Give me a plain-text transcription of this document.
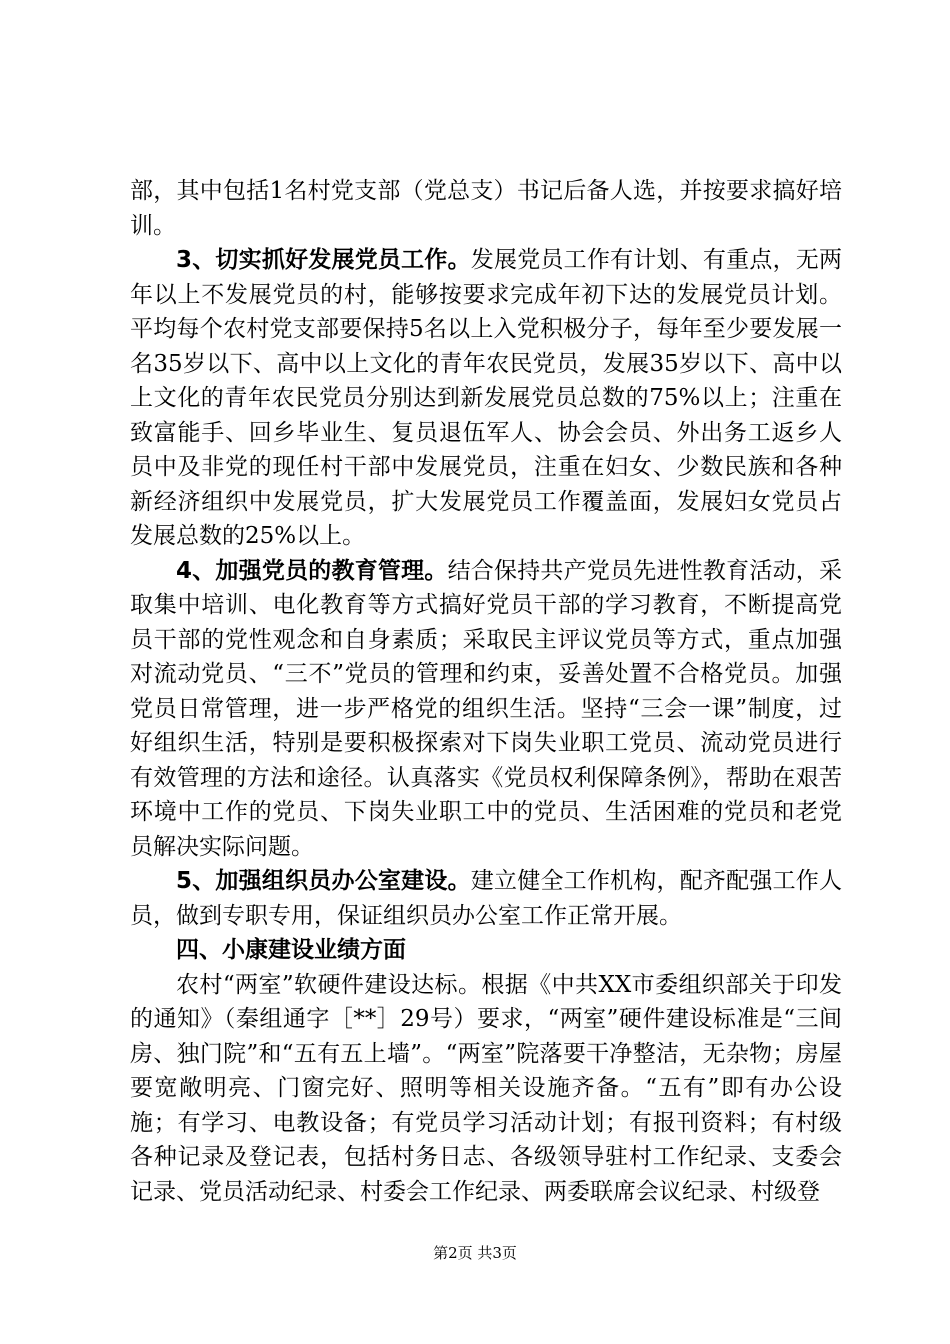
部，其中包括1名村党支部（党总支）书记后备人选，并按要求搞好培训。

3、切实抓好发展党员工作。发展党员工作有计划、有重点，无两年以上不发展党员的村，能够按要求完成年初下达的发展党员计划。平均每个农村党支部要保持5名以上入党积极分子，每年至少要发展一名35岁以下、高中以上文化的青年农民党员，发展35岁以下、高中以上文化的青年农民党员分别达到新发展党员总数的75%以上；注重在致富能手、回乡毕业生、复员退伍军人、协会会员、外出务工返乡人员中及非党的现任村干部中发展党员，注重在妇女、少数民族和各种新经济组织中发展党员，扩大发展党员工作覆盖面，发展妇女党员占发展总数的25%以上。

4、加强党员的教育管理。结合保持共产党员先进性教育活动，采取集中培训、电化教育等方式搞好党员干部的学习教育，不断提高党员干部的党性观念和自身素质；采取民主评议党员等方式，重点加强对流动党员、“三不”党员的管理和约束，妥善处置不合格党员。加强党员日常管理，进一步严格党的组织生活。坚持“三会一课”制度，过好组织生活，特别是要积极探索对下岗失业职工党员、流动党员进行有效管理的方法和途径。认真落实《党员权利保障条例》，帮助在艰苦环境中工作的党员、下岗失业职工中的党员、生活困难的党员和老党员解决实际问题。

5、加强组织员办公室建设。建立健全工作机构，配齐配强工作人员，做到专职专用，保证组织员办公室工作正常开展。

四、小康建设业绩方面

农村“两室”软硬件建设达标。根据《中共XX市委组织部关于印发的通知》（秦组通字［**］29号）要求，“两室”硬件建设标准是“三间房、独门院”和“五有五上墙”。“两室”院落要干净整洁，无杂物；房屋要宽敞明亮、门窗完好、照明等相关设施齐备。“五有”即有办公设施；有学习、电教设备；有党员学习活动计划；有报刊资料；有村级各种记录及登记表，包括村务日志、各级领导驻村工作纪录、支委会记录、党员活动纪录、村委会工作纪录、两委联席会议纪录、村级登

第2页 共3页
